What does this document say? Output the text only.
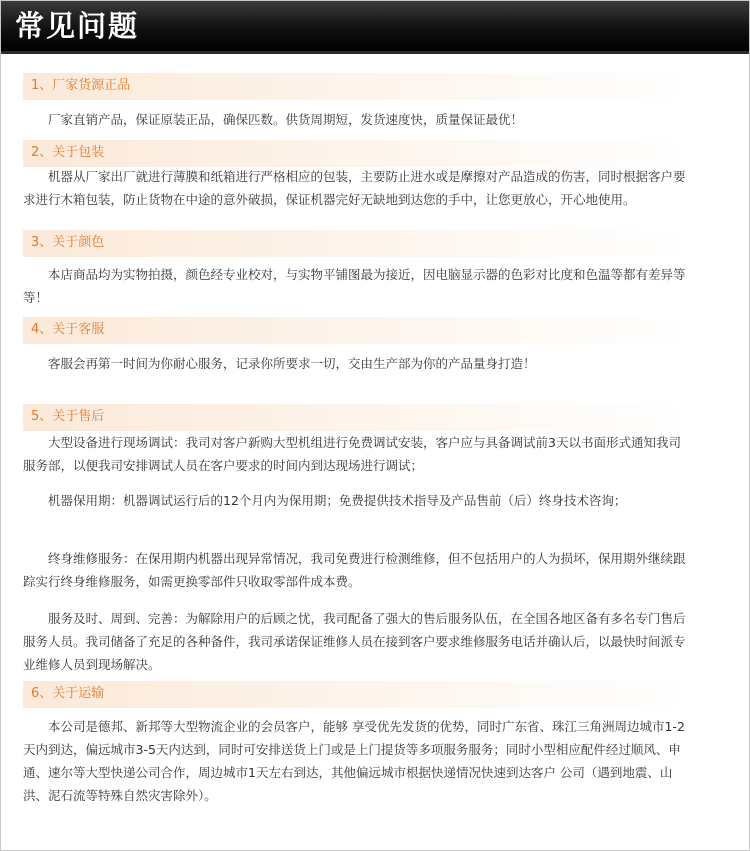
常见问题
1、厂家货源正品

厂家直销产品，保证原装正品，确保匹数。供货周期短，发货速度快，质量保证最优！

2、关于包装

机器从厂家出厂就进行薄膜和纸箱进行严格相应的包装，主要防止进水或是摩擦对产品造成的伤害，同时根据客户要求进行木箱包装，防止货物在中途的意外破损，保证机器完好无缺地到达您的手中，让您更放心，开心地使用。

3、关于颜色

本店商品均为实物拍摄，颜色经专业校对，与实物平铺图最为接近，因电脑显示器的色彩对比度和色温等都有差异等等！

4、关于客服

客服会再第一时间为你耐心服务，记录你所要求一切，交由生产部为你的产品量身打造！

5、关于售后

大型设备进行现场调试：我司对客户新购大型机组进行免费调试安装，客户应与具备调试前3天以书面形式通知我司服务部，以便我司安排调试人员在客户要求的时间内到达现场进行调试；

机器保用期：机器调试运行后的12个月内为保用期；免费提供技术指导及产品售前（后）终身技术咨询；

终身维修服务：在保用期内机器出现异常情况，我司免费进行检测维修，但不包括用户的人为损坏，保用期外继续跟踪实行终身维修服务，如需更换零部件只收取零部件成本费。

服务及时、周到、完善：为解除用户的后顾之忧，我司配备了强大的售后服务队伍，在全国各地区备有多名专门售后服务人员。我司储备了充足的各种备件，我司承诺保证维修人员在接到客户要求维修服务电话并确认后，以最快时间派专业维修人员到现场解决。

6、关于运输

本公司是德邦、新邦等大型物流企业的会员客户，能够 享受优先发货的优势，同时广东省、珠江三角洲周边城市1-2天内到达，偏远城市3-5天内达到，同时可安排送货上门或是上门提货等多项服务服务；同时小型相应配件经过顺风、申通、速尔等大型快递公司合作，周边城市1天左右到达，其他偏远城市根据快递情况快速到达客户 公司（遇到地震、山洪、泥石流等特殊自然灾害除外）。
